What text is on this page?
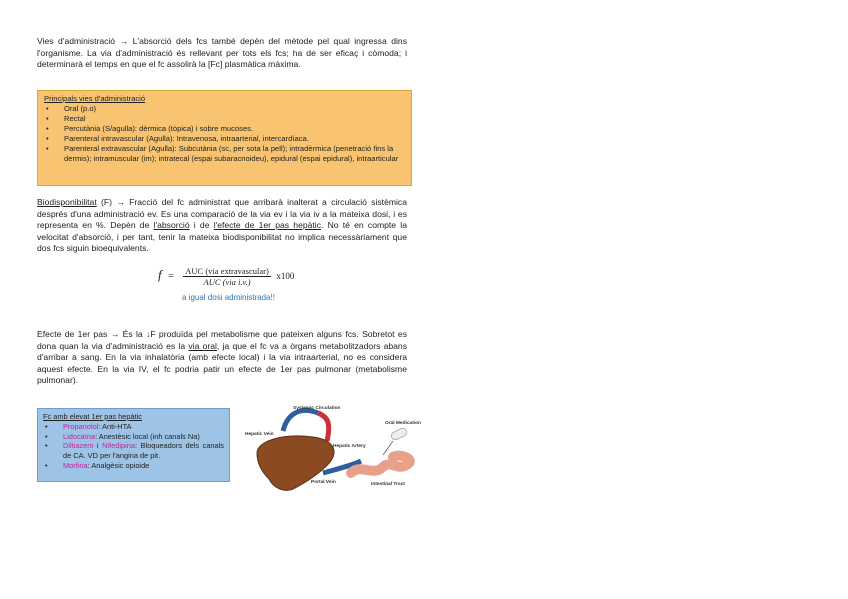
Vies d'administració → L'absorció dels fcs també depèn del mètode pel qual ingressa dins l'organisme. La via d'administració és rellevant per tots els fcs; ha de ser eficaç i còmoda; i determinarà el temps en que el fc assolirà la [Fc] plasmàtica màxima.
Principals vies d'administració
• Oral (p.o)
• Rectal
• Percutània (S/agulla): dèrmica (tòpica) i sobre mucoses.
• Parenteral intravascular (Agulla): Intravenosa, intraarterial, intercardíaca.
• Parenteral extravascular (Agulla): Subcutània (sc, per sota la pell); intradèrmica (penetració fins la dermis); intramuscular (im); intratecal (espai subaracnoideu), epidural (espai epidural), intraarticular
Biodisponibilitat (F) → Fracció del fc administrat que arribarà inalterat a circulació sistèmica després d'una administració ev. Es una comparació de la via ev i la via iv a la mateixa dosi, i es representa en %. Depèn de l'absorció i de l'efecte de 1er pas hepàtic. No té en compte la velocitat d'absorció, i per tant, tenir la mateixa biodisponibilitat no implica necessàriament que dos fcs siguin bioequivalents.
$f = \frac{\text{AUC (via extravascular)}}{\text{AUC (via i.v.)}} x100$
a igual dosi administrada!!
Efecte de 1er pas → És la ↓F produïda pel metabolisme que pateixen alguns fcs. Sobretot es dona quan la via d'administració es la via oral, ja que el fc va a òrgans metabolitzadors abans d'arribar a sang. En la via inhalatòria (amb efecte local) i la via intraarterial, no es considera aquest efecte. En la via IV, el fc podria patir un efecte de 1er pas pulmonar (metabolisme pulmonar).
Fc amb elevat 1er pas hepàtic
• Propanolol: Anti-HTA
• Lidocaïna: Anestèsic local (inh canals Na)
• Diltiazem i Nifedipina: Bloqueadors dels canals de CA. VD per l'angina de pit.
• Morfina: Analgèsic opioide
Systemic Circulation
Hepatic Vein
Hepatic Artery
Oral Medication
Portal Vein	Intestinal Tract
